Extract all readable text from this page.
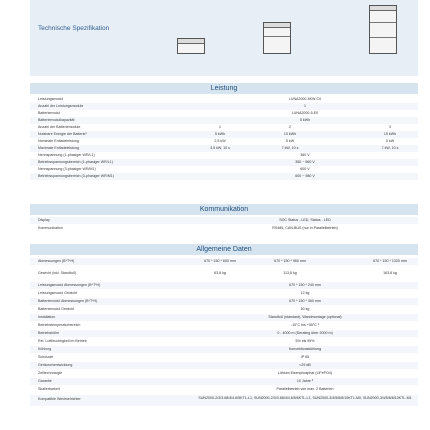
Technische Spezifikation
Leistung
Leistungsmodul	LUNA2000-5KW-C0
Anzahl der Leistungsmodule	1
Batteriemodul	LUNA2000-5-E0
Batteriemodulkapazität	5 kWh
Anzahl der Batteriemodule	1	2	3
Nutzbare Energie der Batterie¹	5 kWh	10 kWh	15 kWh
Nominale Entladeleistung	2,5 kW	5 kW	5 kW
Maximale Entladeleistung	3,5 kW, 10 s	7 kW, 10 s	7 kW, 10 s
Nennspannung (1-phasiger WR/L1)	360 V
Betriebsspannungsbereich (1-phasiger WR/L1)	350 ~ 560 V
Nennspannung (3-phasiger WR/M1)	600 V
Betriebsspannungsbereich (3-phasiger WR/M1)	600 ~ 980 V
Kommunikation
Display	SOC Status - LED, Status - LED
Kommunikation	RS485, CAN-BUS (nur in Parallelbetrieb)
Allgemeine Daten
Abmessungen (B*T*H)	670 * 150 * 600 mm	670 * 150 * 960 mm	670 * 150 * 1320 mm
Gewicht (inkl. Standfuß)	63,8 kg	113,8 kg	163,8 kg
Leistungsmodul Abmessungen (B*T*H)	670 * 150 * 240 mm
Leistungsmodul Gewicht	12 kg
Batteriemodul Abmessungen (B*T*H)	670 * 150 * 360 mm
Batteriemodul Gewicht	50 kg
Installation	Standfuß (standard), Wandmontage (optional)
Betriebstemperaturbereich	-10°C bis +55°C ²
Betriebshöhe	0 - 4000 m (Derating über 2000 m)
Rel. Luftfeuchtigkeit im Betrieb	5% bis 95%
Kühlung	Konvektionskühlung
Schutzart	IP 65
Geräuschentwicklung	<29 dB
Zelltechnologie	Lithium Eisenphosphat (LiFePO4)
Garantie	10 Jahre ³
Skalierbarkeit	Parallelbetrieb von max. 2 Batterien
Kompatible Wechselrichter	SUN2000-2/3/3.68/4/4.6/5KTL-L1, SUN2000-2/3/3.68/4/4.6/5/6KTL-L1, SUN2000-3/4/5/6/8/10KTL-M0, SUN2000-3/4/5/6/8/10KTL-M1
